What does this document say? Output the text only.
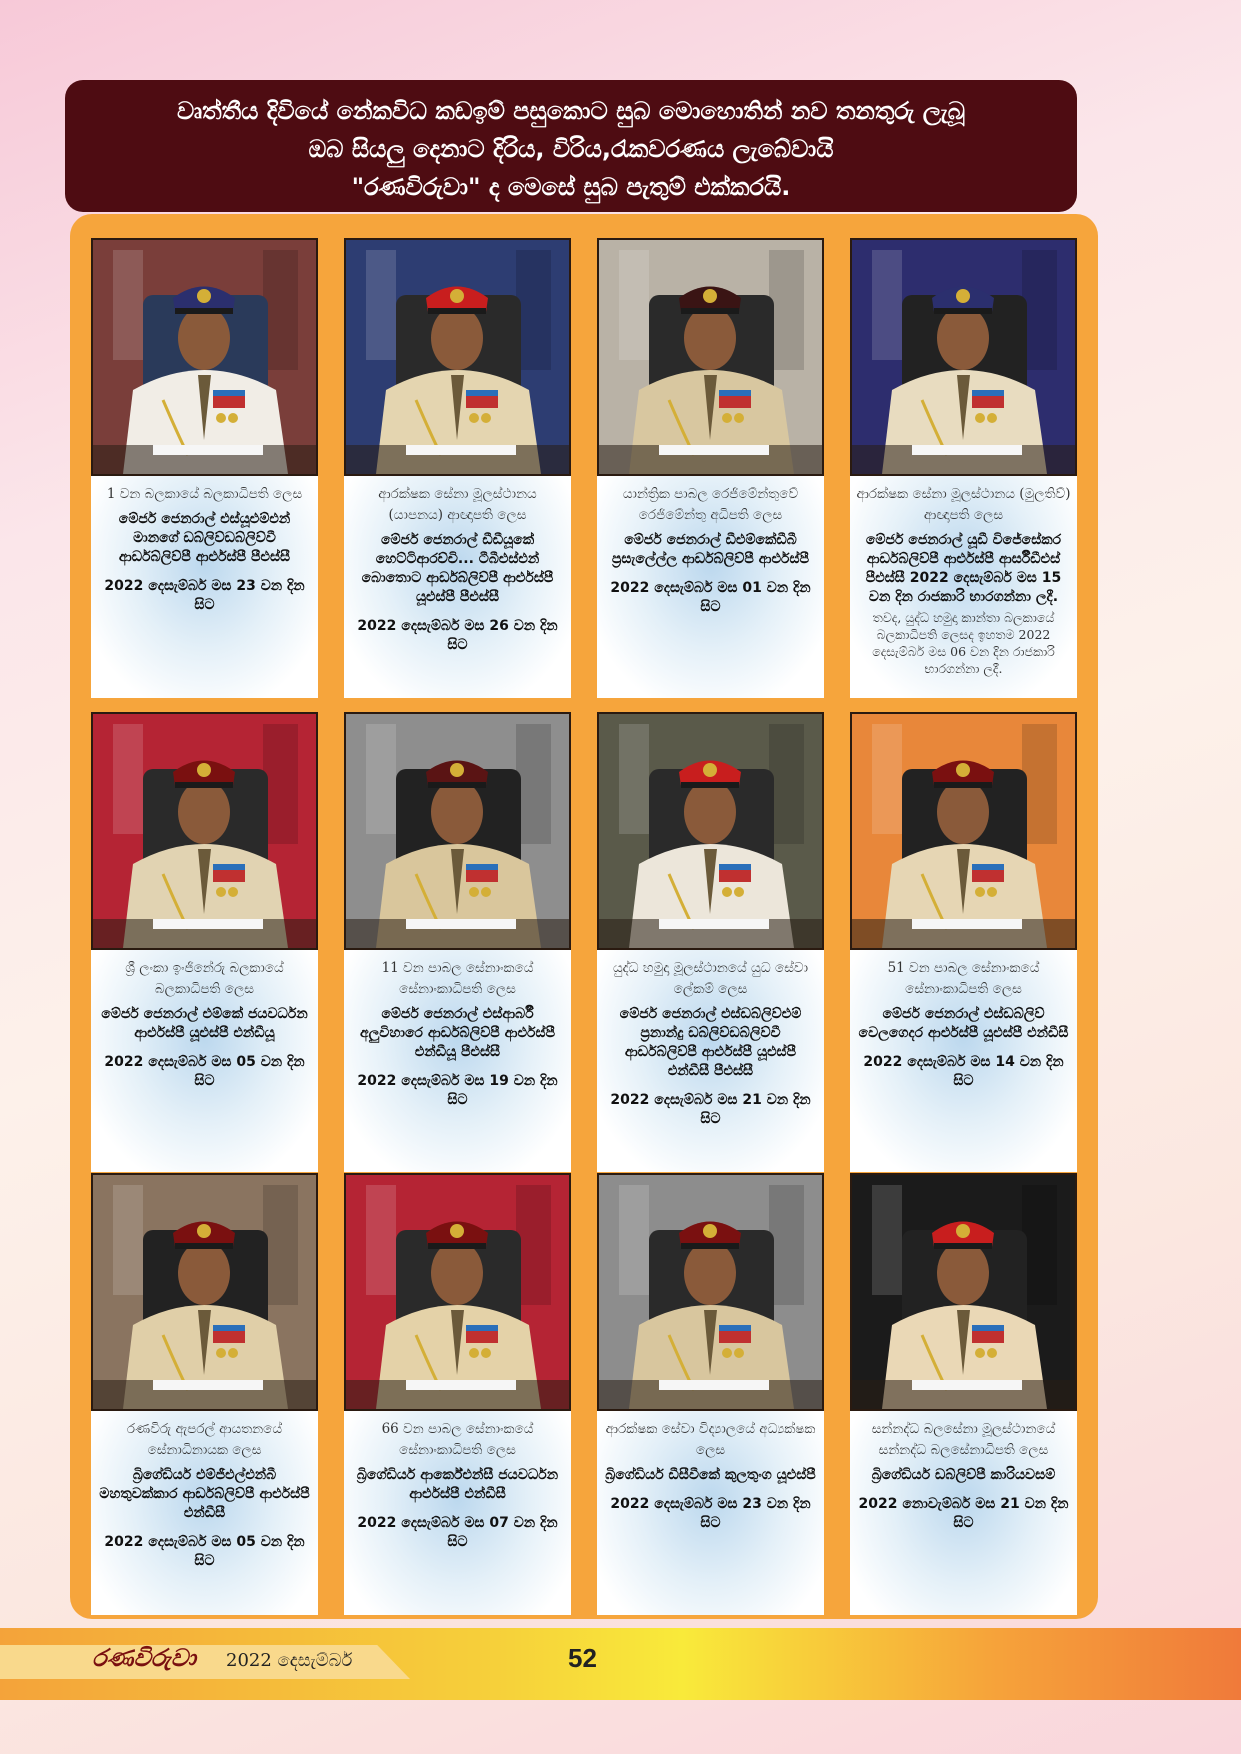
වෘත්තීය දිවියේ නේකවිධ කඩඉම් පසුකොට සුබ මොහොතින් නව තනතුරු ලැබූ
ඔබ සියලු දෙනාට දිරිය, විරිය,රැකවරණය ලැබේවායි
"රණවිරුවා" ද මෙසේ සුබ පැතුම් එක්කරයි.
1 වන බලකායේ බලකාධිපති ලෙස
මේජර් ජෙනරාල් එස්යූඑම්එන් මානගේ ඩබ්ලිව්ඩබ්ලිව්වී ආර්ඩබ්ලිව්පී ආර්එස්පී පීඑස්සී
2022 දෙසැම්බර් මස 23 වන දින සිට
ආරක්ෂක සේනා මූලස්ථානය (යාපනය) ආඥාපති ලෙස
මේජර් ජෙනරාල් ඩීඩීයූකේ හෙට්ටිආරච්චි... ටීබීඑස්එන් බොතොට ආර්ඩබ්ලිව්පී ආර්එස්පී යූඑස්පී පීඑස්සී
2022 දෙසැම්බර් මස 26 වන දින සිට
යාන්ත්‍රික පාබල රෙජිමේන්තුවේ රෙජිමේන්තු අධිපති ලෙස
මේජර් ජෙනරාල් ඩීඑම්කේඩීබී ප්‍රසැලේල්ල ආර්ඩබ්ලිව්පී ආර්එස්පී
2022 දෙසැම්බර් මස 01 වන දින සිට
ආරක්ෂක සේනා මූලස්ථානය (මුලතිව්) ආඥාපති ලෙස
මේජර් ජෙනරාල් යූඩී විජේසේකර ආර්ඩබ්ලිව්පී ආර්එස්පී ආර්සීඩීඑස් පීඑස්සී 2022 දෙසැම්බර් මස 15 වන දින රාජකාරි භාරගන්නා ලදී.
තවද, යුද්ධ හමුදා කාන්තා බලකායේ බලකාධිපති ලෙසද ඉහතම 2022 දෙසැම්බර් මස 06 වන දින රාජකාරි භාරගන්නා ලදී.
ශ්‍රී ලංකා ඉංජිනේරු බලකායේ බලකාධිපති ලෙස
මේජර් ජෙනරාල් එම්කේ ජයවර්ධන ආර්එස්පී යූඑස්පී එන්ඩීයූ
2022 දෙසැම්බර් මස 05 වන දින සිට
11 වන පාබල සේනාංකයේ සේනාංකාධිපති ලෙස
මේජර් ජෙනරාල් එස්ආර්බී අලුවිහාරෙ ආර්ඩබ්ලිව්පී ආර්එස්පී එන්ඩීයූ පීඑස්සී
2022 දෙසැම්බර් මස 19 වන දින සිට
යුද්ධ හමුදා මූලස්ථානයේ යුධ සේවා ලේකම් ලෙස
මේජර් ජෙනරාල් එස්ඩබ්ලිව්එම් ප්‍රනාන්දු ඩබ්ලිව්ඩබ්ලිව්වී ආර්ඩබ්ලිව්පී ආර්එස්පී යූඑස්පී එන්ඩීසී පීඑස්සී
2022 දෙසැම්බර් මස 21 වන දින සිට
51 වන පාබල සේනාංකයේ සේනාංකාධිපති ලෙස
මේජර් ජෙනරාල් එස්ඩබ්ලිව් වෙලගෙදර ආර්එස්පී යූඑස්පී එන්ඩීසී
2022 දෙසැම්බර් මස 14 වන දින සිට
රණවිරු ඇපරල් ආයතනයේ සේනාධිනායක ලෙස
බ්‍රිගේඩියර් එම්ජීඑල්එන්බී මහතුවක්කාර ආර්ඩබ්ලිව්පී ආර්එස්පී එන්ඩීසී
2022 දෙසැම්බර් මස 05 වන දින සිට
66 වන පාබල සේනාංකයේ සේනාංකාධිපති ලෙස
බ්‍රිගේඩියර් ආර්කේඑන්සී ජයවර්ධන ආර්එස්පී එන්ඩීසී
2022 දෙසැම්බර් මස 07 වන දින සිට
ආරක්ෂක සේවා විද්‍යාලයේ අධ්‍යක්ෂක ලෙස
බ්‍රිගේඩියර් ඩීසීවීකේ කුලතුංග යූඑස්පී
2022 දෙසැම්බර් මස 23 වන දින සිට
සන්නද්ධ බලසේනා මූලස්ථානයේ සන්නද්ධ බලසේනාධිපති ලෙස
බ්‍රිගේඩියර් ඩබ්ලිව්පී කාරියවසම්
2022 නොවැම්බර් මස 21 වන දින සිට
රණවිරුවා 2022 දෙසැම්බර්	52
